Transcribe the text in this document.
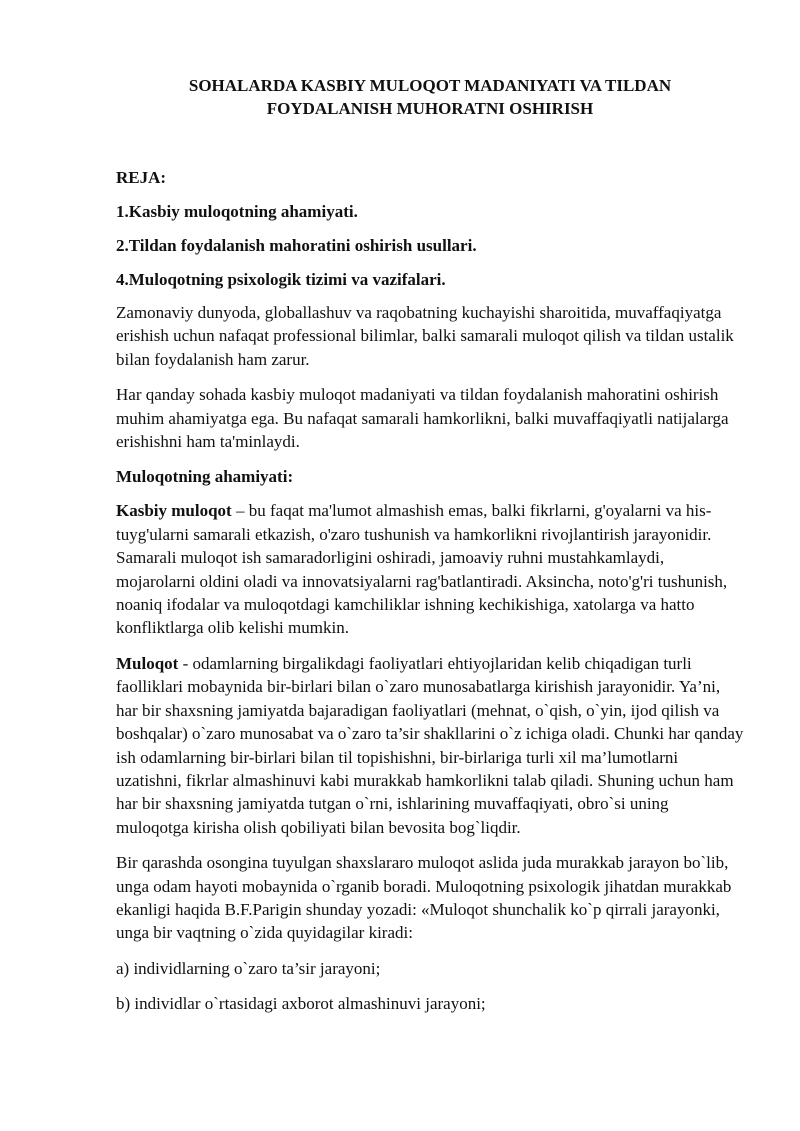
SOHALARDA KASBIY MULOQOT MADANIYATI VA TILDAN
FOYDALANISH MUHORATNI OSHIRISH
REJA:
1.Kasbiy muloqotning ahamiyati.
2.Tildan foydalanish mahoratini oshirish usullari.
4.Muloqotning psixologik tizimi va vazifalari.

Zamonaviy dunyoda, globallashuv va raqobatning kuchayishi sharoitida, muvaffaqiyatga erishish uchun nafaqat professional bilimlar, balki samarali muloqot qilish va tildan ustalik bilan foydalanish ham zarur.

Har qanday sohada kasbiy muloqot madaniyati va tildan foydalanish mahoratini oshirish muhim ahamiyatga ega. Bu nafaqat samarali hamkorlikni, balki muvaffaqiyatli natijalarga erishishni ham ta'minlaydi.

Muloqotning ahamiyati:

Kasbiy muloqot – bu faqat ma'lumot almashish emas, balki fikrlarni, g'oyalarni va his-tuyg'ularni samarali etkazish, o'zaro tushunish va hamkorlikni rivojlantirish jarayonidir. Samarali muloqot ish samaradorligini oshiradi, jamoaviy ruhni mustahkamlaydi, mojarolarni oldini oladi va innovatsiyalarni rag'batlantiradi. Aksincha, noto'g'ri tushunish, noaniq ifodalar va muloqotdagi kamchiliklar ishning kechikishiga, xatolarga va hatto konfliktlarga olib kelishi mumkin.

Muloqot - odamlarning birgalikdagi faoliyatlari ehtiyojlaridan kelib chiqadigan turli faolliklari mobaynida bir-birlari bilan o`zaro munosabatlarga kirishish jarayonidir. Ya’ni, har bir shaxsning jamiyatda bajaradigan faoliyatlari (mehnat, o`qish, o`yin, ijod qilish va boshqalar) o`zaro munosabat va o`zaro ta’sir shakllarini o`z ichiga oladi. Chunki har qanday ish odamlarning bir-birlari bilan til topishishni, bir-birlariga turli xil ma’lumotlarni uzatishni, fikrlar almashinuvi kabi murakkab hamkorlikni talab qiladi. Shuning uchun ham har bir shaxsning jamiyatda tutgan o`rni, ishlarining muvaffaqiyati, obro`si uning muloqotga kirisha olish qobiliyati bilan bevosita bog`liqdir.

Bir qarashda osongina tuyulgan shaxslararo muloqot aslida juda murakkab jarayon bo`lib, unga odam hayoti mobaynida o`rganib boradi. Muloqotning psixologik jihatdan murakkab ekanligi haqida B.F.Parigin shunday yozadi: «Muloqot shunchalik ko`p qirrali jarayonki, unga bir vaqtning o`zida quyidagilar kiradi:

a) individlarning o`zaro ta’sir jarayoni;

b) individlar o`rtasidagi axborot almashinuvi jarayoni;
